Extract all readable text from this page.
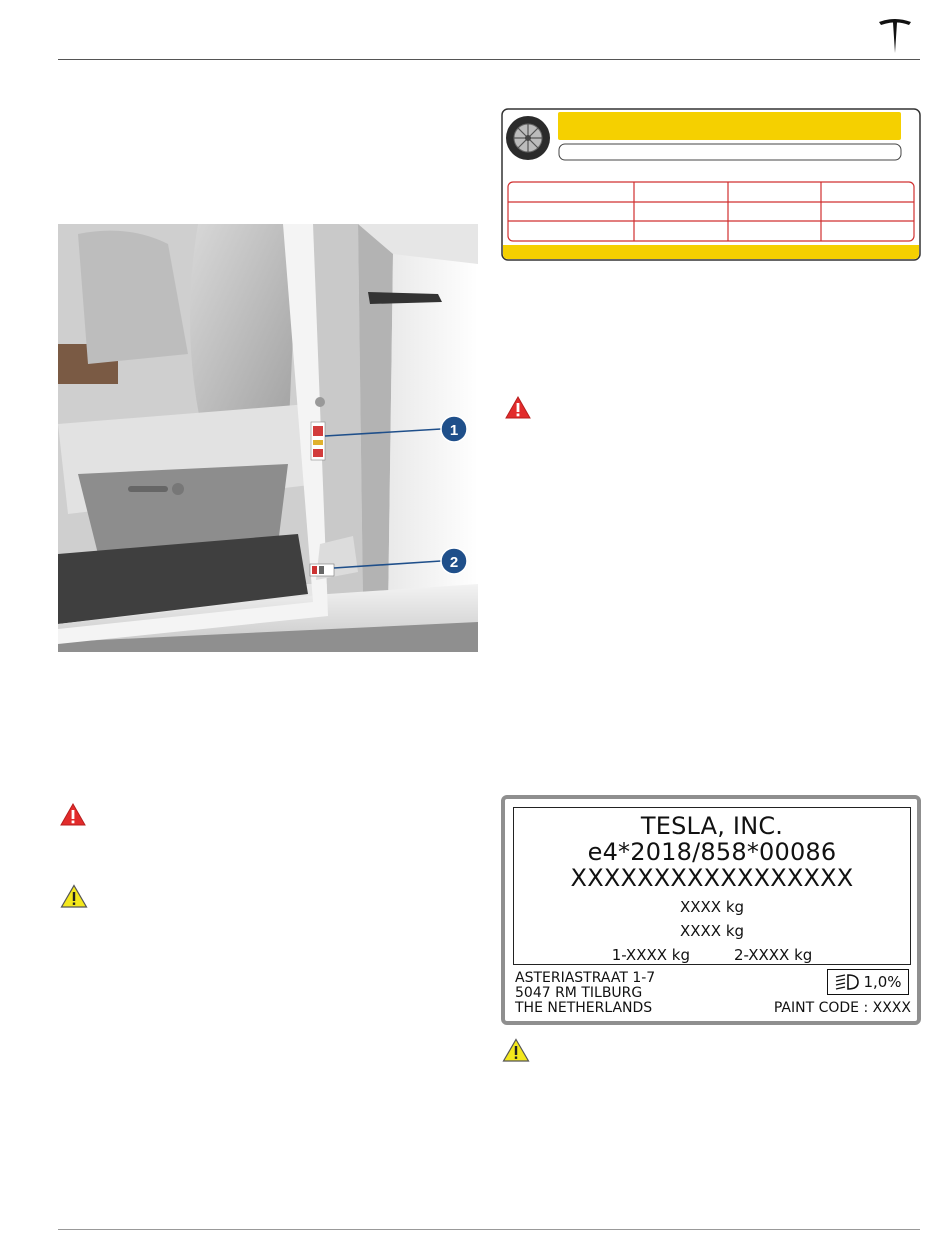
1
2
TESLA, INC.
e4*2018/858*00086
XXXXXXXXXXXXXXXXX
XXXX kg
XXXX kg
1-XXXX kg	2-XXXX kg
ASTERIASTRAAT 1-7
5047 RM TILBURG
THE NETHERLANDS
1,0%
PAINT CODE : XXXX
